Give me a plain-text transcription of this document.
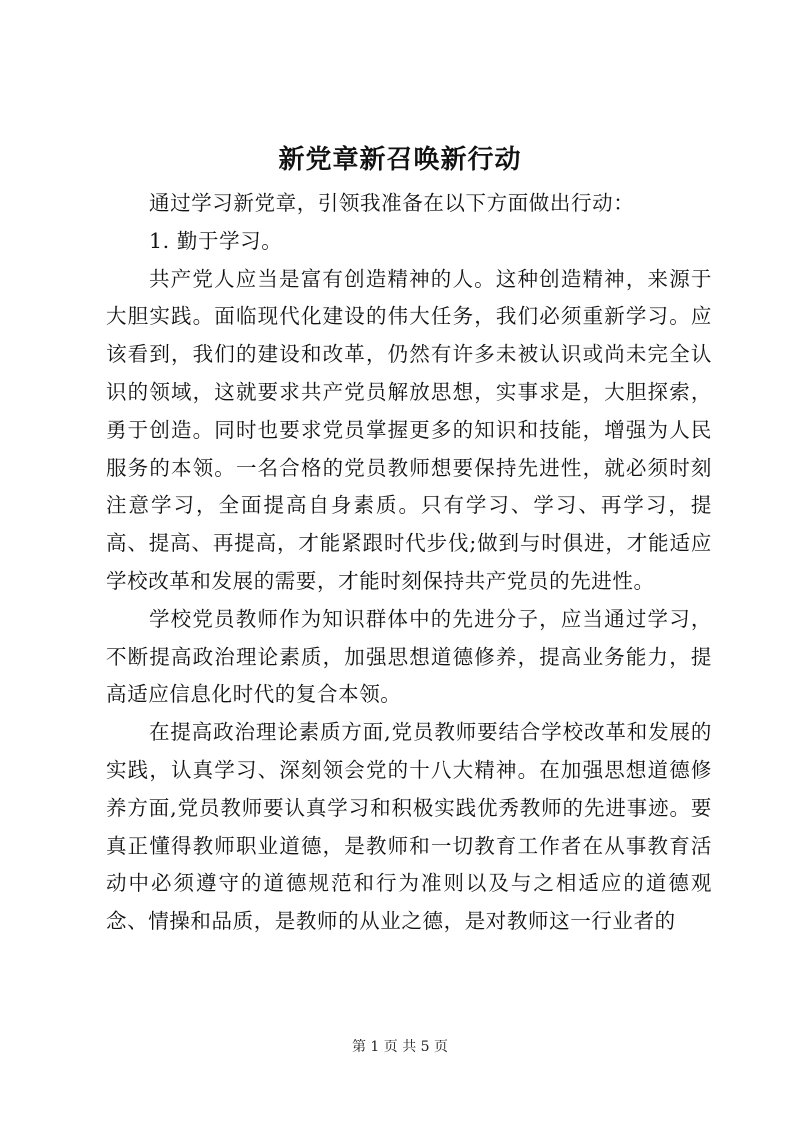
新党章新召唤新行动

通过学习新党章，引领我准备在以下方面做出行动：

1. 勤于学习。

共产党人应当是富有创造精神的人。这种创造精神，来源于大胆实践。面临现代化建设的伟大任务，我们必须重新学习。应该看到，我们的建设和改革，仍然有许多未被认识或尚未完全认识的领域，这就要求共产党员解放思想，实事求是，大胆探索，勇于创造。同时也要求党员掌握更多的知识和技能，增强为人民服务的本领。一名合格的党员教师想要保持先进性，就必须时刻注意学习，全面提高自身素质。只有学习、学习、再学习，提高、提高、再提高，才能紧跟时代步伐;做到与时俱进，才能适应学校改革和发展的需要，才能时刻保持共产党员的先进性。

学校党员教师作为知识群体中的先进分子，应当通过学习，不断提高政治理论素质，加强思想道德修养，提高业务能力，提高适应信息化时代的复合本领。

在提高政治理论素质方面,党员教师要结合学校改革和发展的实践，认真学习、深刻领会党的十八大精神。在加强思想道德修养方面,党员教师要认真学习和积极实践优秀教师的先进事迹。要真正懂得教师职业道德，是教师和一切教育工作者在从事教育活动中必须遵守的道德规范和行为准则以及与之相适应的道德观念、情操和品质，是教师的从业之德，是对教师这一行业者的

第 1 页 共 5 页
